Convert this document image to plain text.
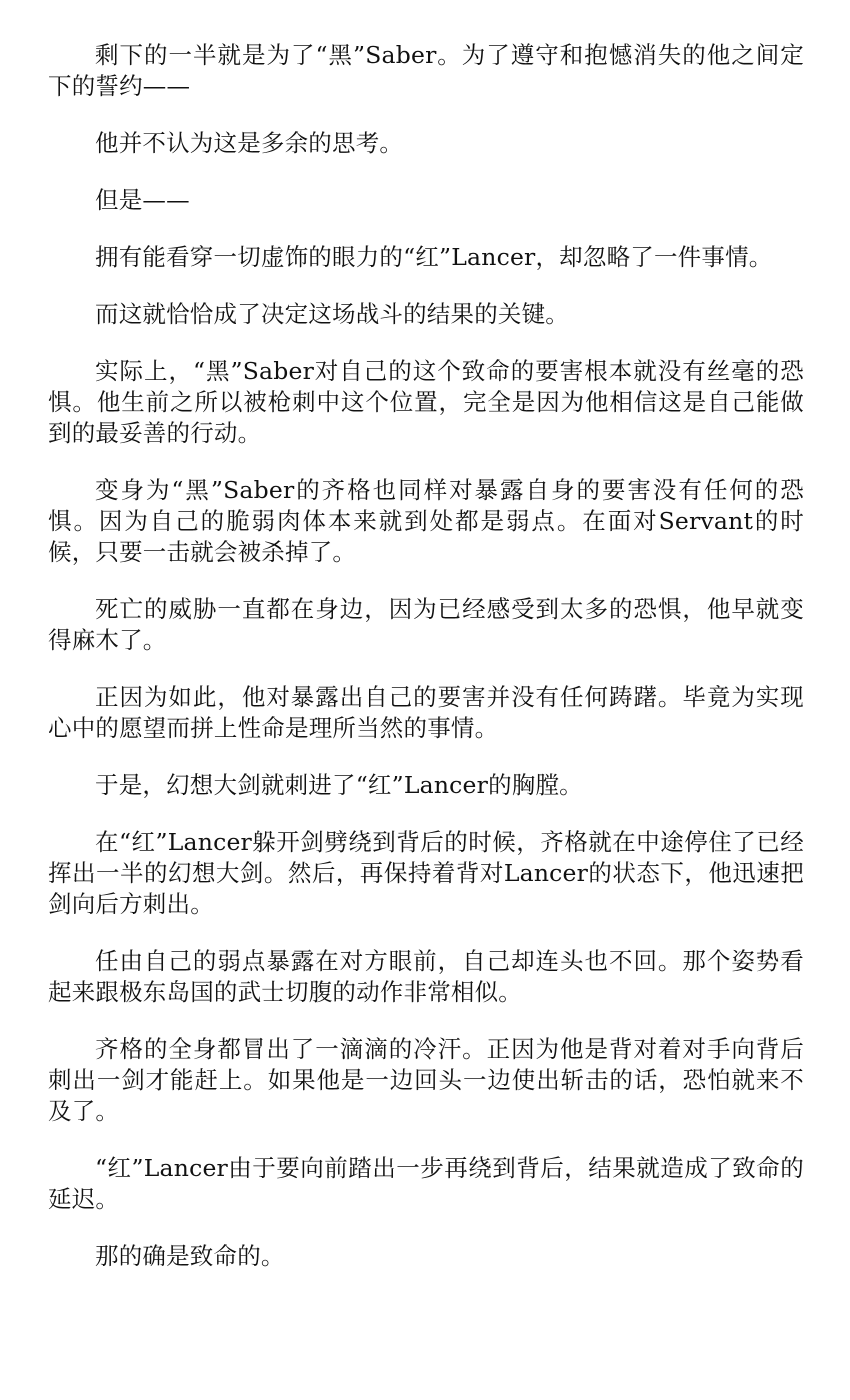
剩下的一半就是为了“黑”Saber。为了遵守和抱憾消失的他之间定下的誓约——

他并不认为这是多余的思考。

但是——

拥有能看穿一切虚饰的眼力的“红”Lancer，却忽略了一件事情。

而这就恰恰成了决定这场战斗的结果的关键。

实际上，“黑”Saber对自己的这个致命的要害根本就没有丝毫的恐惧。他生前之所以被枪刺中这个位置，完全是因为他相信这是自己能做到的最妥善的行动。

变身为“黑”Saber的齐格也同样对暴露自身的要害没有任何的恐惧。因为自己的脆弱肉体本来就到处都是弱点。在面对Servant的时候，只要一击就会被杀掉了。

死亡的威胁一直都在身边，因为已经感受到太多的恐惧，他早就变得麻木了。

正因为如此，他对暴露出自己的要害并没有任何踌躇。毕竟为实现心中的愿望而拼上性命是理所当然的事情。

于是，幻想大剑就刺进了“红”Lancer的胸膛。

在“红”Lancer躲开剑劈绕到背后的时候，齐格就在中途停住了已经挥出一半的幻想大剑。然后，再保持着背对Lancer的状态下，他迅速把剑向后方刺出。

任由自己的弱点暴露在对方眼前，自己却连头也不回。那个姿势看起来跟极东岛国的武士切腹的动作非常相似。

齐格的全身都冒出了一滴滴的冷汗。正因为他是背对着对手向背后刺出一剑才能赶上。如果他是一边回头一边使出斩击的话，恐怕就来不及了。

“红”Lancer由于要向前踏出一步再绕到背后，结果就造成了致命的延迟。

那的确是致命的。
